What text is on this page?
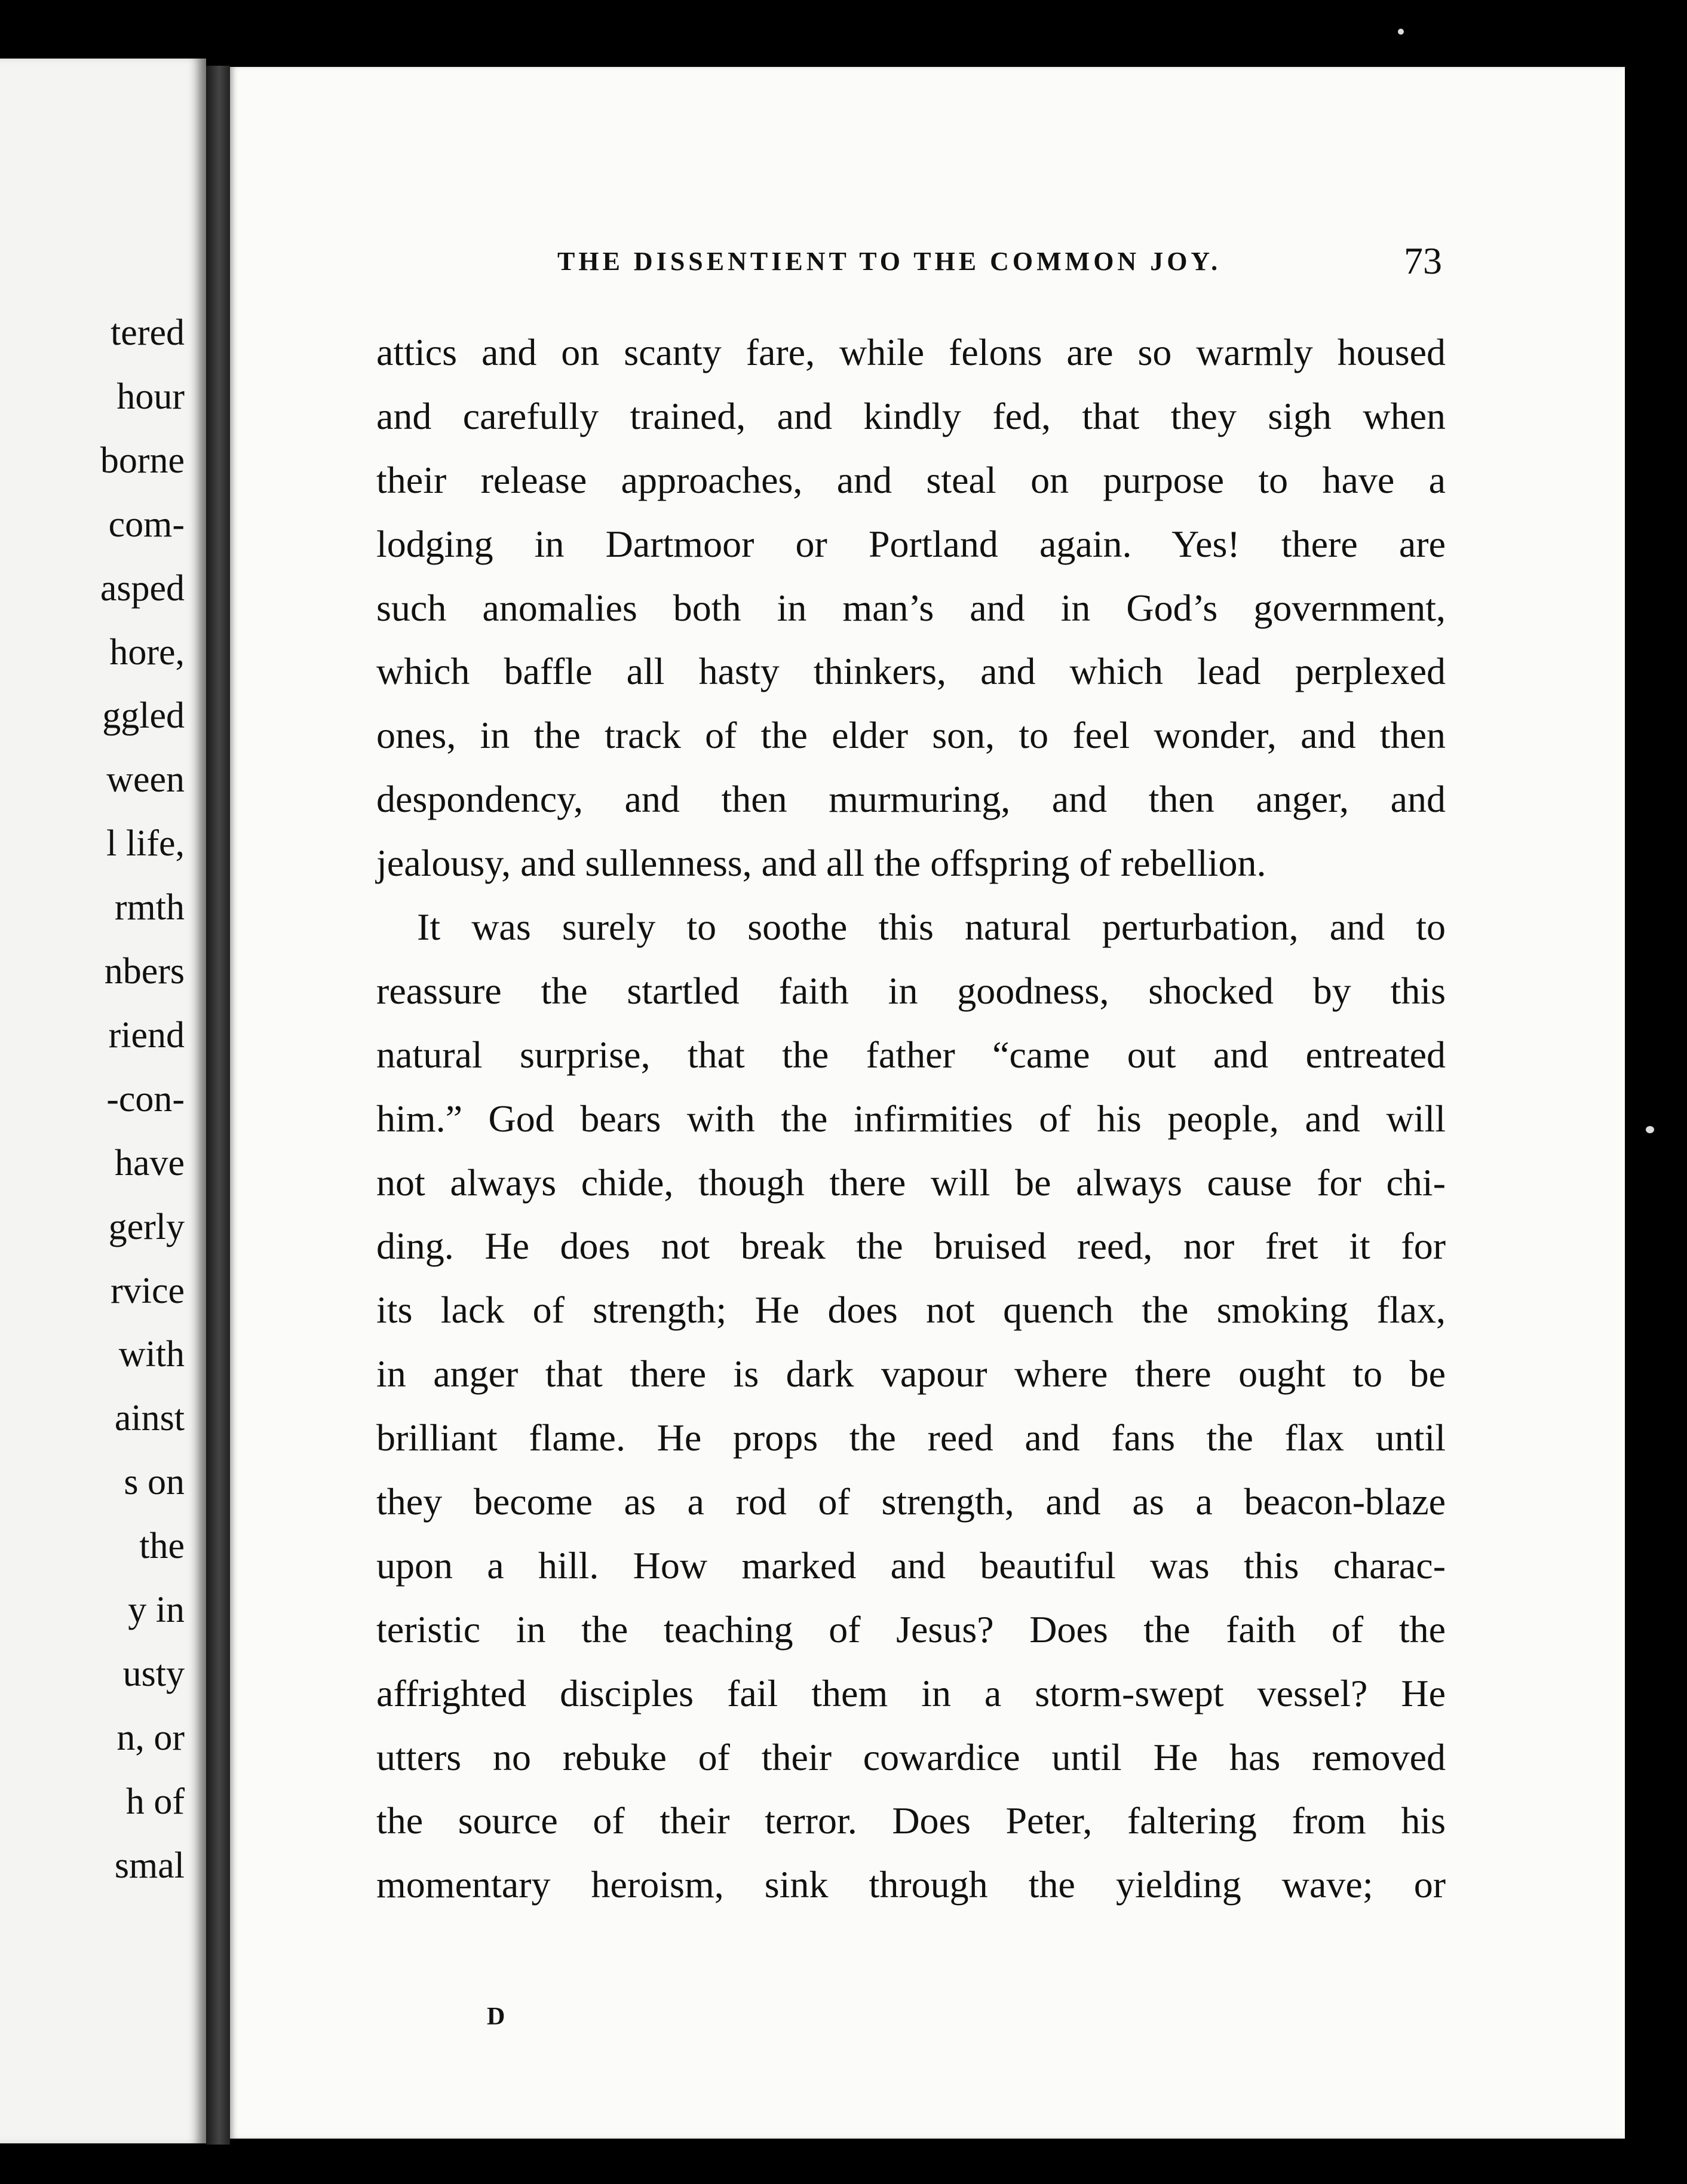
tered
hour
borne
com-
asped
hore,
ggled
ween
l life,
rmth
nbers
riend
-con-
have
gerly
rvice
with
ainst
s on
the
y in
usty
n, or
h of
smal
THE DISSENTIENT TO THE COMMON JOY.	73
attics and on scanty fare, while felons are so warmly housed
and carefully trained, and kindly fed, that they sigh when
their release approaches, and steal on purpose to have a
lodging in Dartmoor or Portland again. Yes! there are
such anomalies both in man’s and in God’s government,
which baffle all hasty thinkers, and which lead perplexed
ones, in the track of the elder son, to feel wonder, and then
despondency, and then murmuring, and then anger, and
jealousy, and sullenness, and all the offspring of rebellion.
It was surely to soothe this natural perturbation, and to
reassure the startled faith in goodness, shocked by this
natural surprise, that the father “came out and entreated
him.” God bears with the infirmities of his people, and will
not always chide, though there will be always cause for chi-
ding. He does not break the bruised reed, nor fret it for
its lack of strength; He does not quench the smoking flax,
in anger that there is dark vapour where there ought to be
brilliant flame. He props the reed and fans the flax until
they become as a rod of strength, and as a beacon-blaze
upon a hill. How marked and beautiful was this charac-
teristic in the teaching of Jesus? Does the faith of the
affrighted disciples fail them in a storm-swept vessel? He
utters no rebuke of their cowardice until He has removed
the source of their terror. Does Peter, faltering from his
momentary heroism, sink through the yielding wave; or
D
